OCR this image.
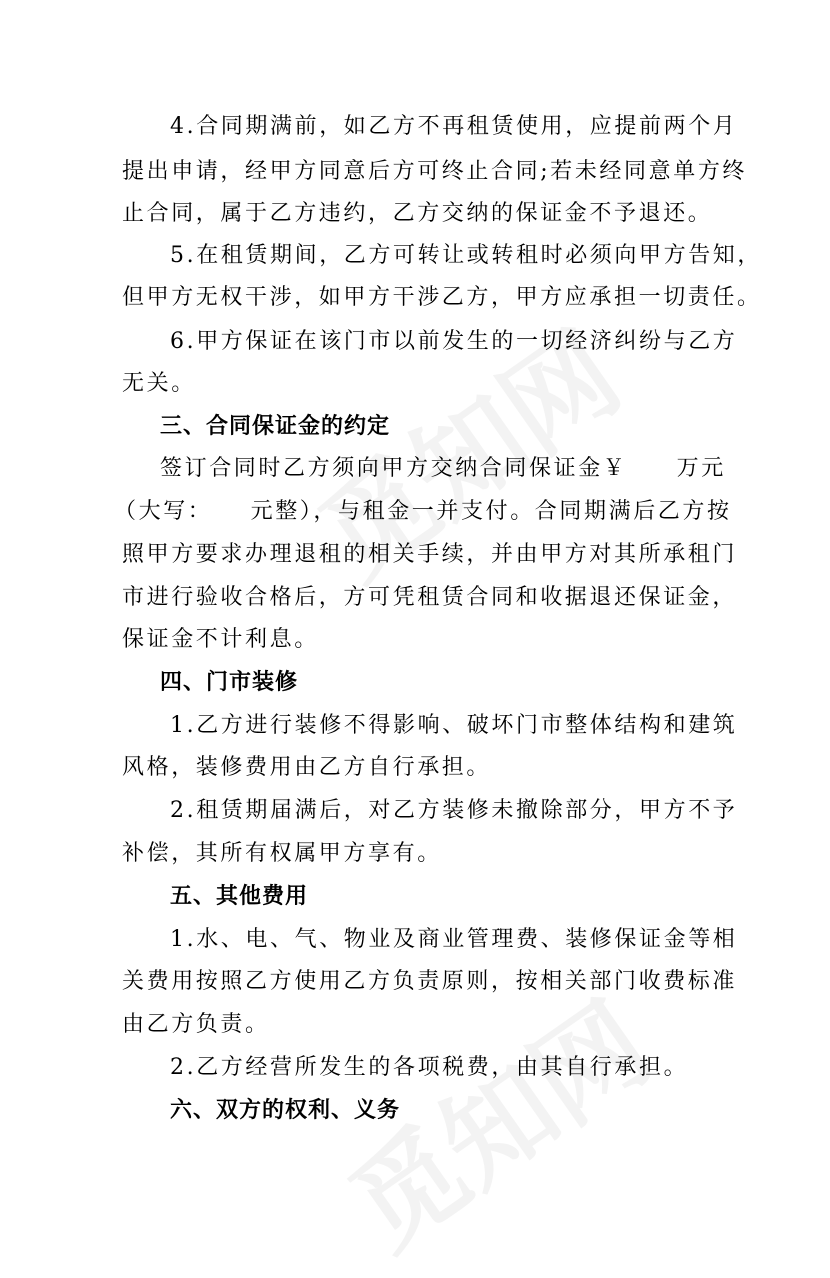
4.合同期满前，如乙方不再租赁使用，应提前两个月
提出申请，经甲方同意后方可终止合同;若未经同意单方终
止合同，属于乙方违约，乙方交纳的保证金不予退还。
5.在租赁期间，乙方可转让或转租时必须向甲方告知，
但甲方无权干涉，如甲方干涉乙方，甲方应承担一切责任。
6.甲方保证在该门市以前发生的一切经济纠纷与乙方
无关。
三、合同保证金的约定
签订合同时乙方须向甲方交纳合同保证金￥　　万元
（大写：　　元整），与租金一并支付。合同期满后乙方按
照甲方要求办理退租的相关手续，并由甲方对其所承租门
市进行验收合格后，方可凭租赁合同和收据退还保证金，
保证金不计利息。
四、门市装修
1.乙方进行装修不得影响、破坏门市整体结构和建筑
风格，装修费用由乙方自行承担。
2.租赁期届满后，对乙方装修未撤除部分，甲方不予
补偿，其所有权属甲方享有。
五、其他费用
1.水、电、气、物业及商业管理费、装修保证金等相
关费用按照乙方使用乙方负责原则，按相关部门收费标准
由乙方负责。
2.乙方经营所发生的各项税费，由其自行承担。
六、双方的权利、义务
